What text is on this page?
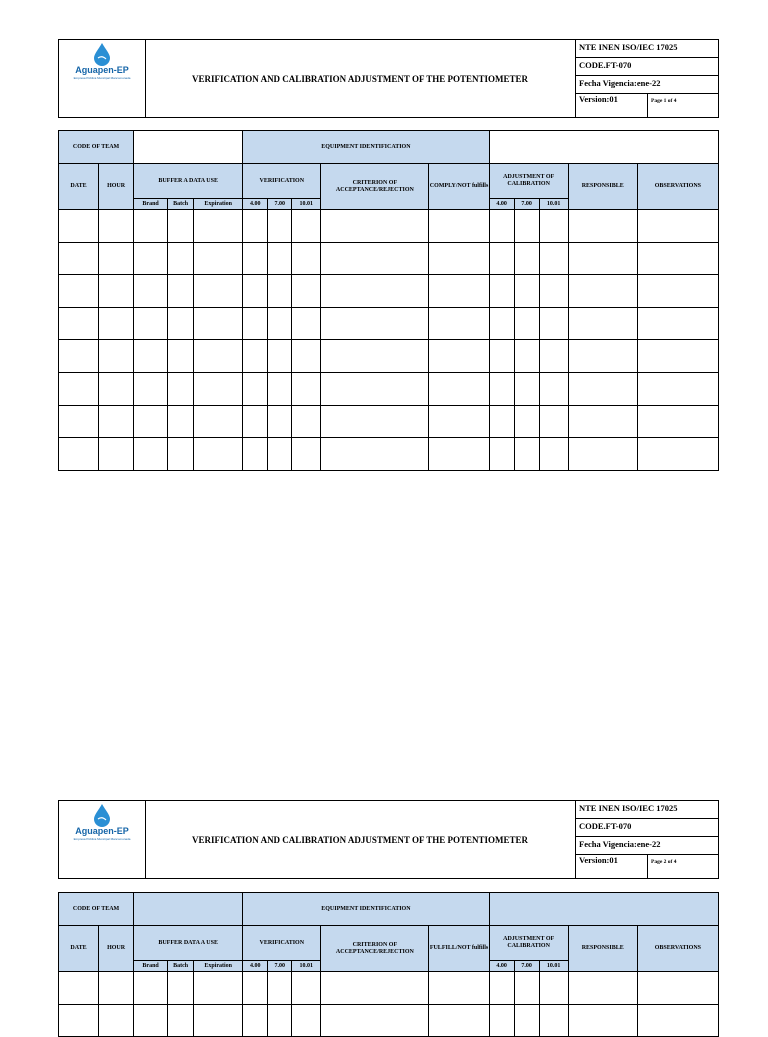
Aguapen-EP
Empresa Pública Municipal Mancomunada	VERIFICATION AND CALIBRATION ADJUSTMENT OF THE POTENTIOMETER
NTE INEN ISO/IEC 17025
CODE.FT-070
Fecha Vigencia:ene-22
Version:01	Page 1 of 4
CODE OF TEAM					EQUIPMENT IDENTIFICATION									
DATE	HOUR	BUFFER A DATA USE			VERIFICATION			CRITERION OF ACCEPTANCE/REJECTION	COMPLY/NOT fulfills	ADJUSTMENT OF CALIBRATION			RESPONSIBLE	OBSERVATIONS
		Brand	Batch	Expiration	4.00	7.00	10.01			4.00	7.00	10.01		

Aguapen-EP
Empresa Pública Municipal Mancomunada	VERIFICATION AND CALIBRATION ADJUSTMENT OF THE POTENTIOMETER
NTE INEN ISO/IEC 17025
CODE.FT-070
Fecha Vigencia:ene-22
Version:01	Page 2 of 4
CODE OF TEAM					EQUIPMENT IDENTIFICATION									
DATE	HOUR	BUFFER DATA A USE			VERIFICATION			CRITERION OF ACCEPTANCE/REJECTION	FULFILL/NOT fulfills	ADJUSTMENT OF CALIBRATION			RESPONSIBLE	OBSERVATIONS
		Brand	Batch	Expiration	4.00	7.00	10.01			4.00	7.00	10.01		
